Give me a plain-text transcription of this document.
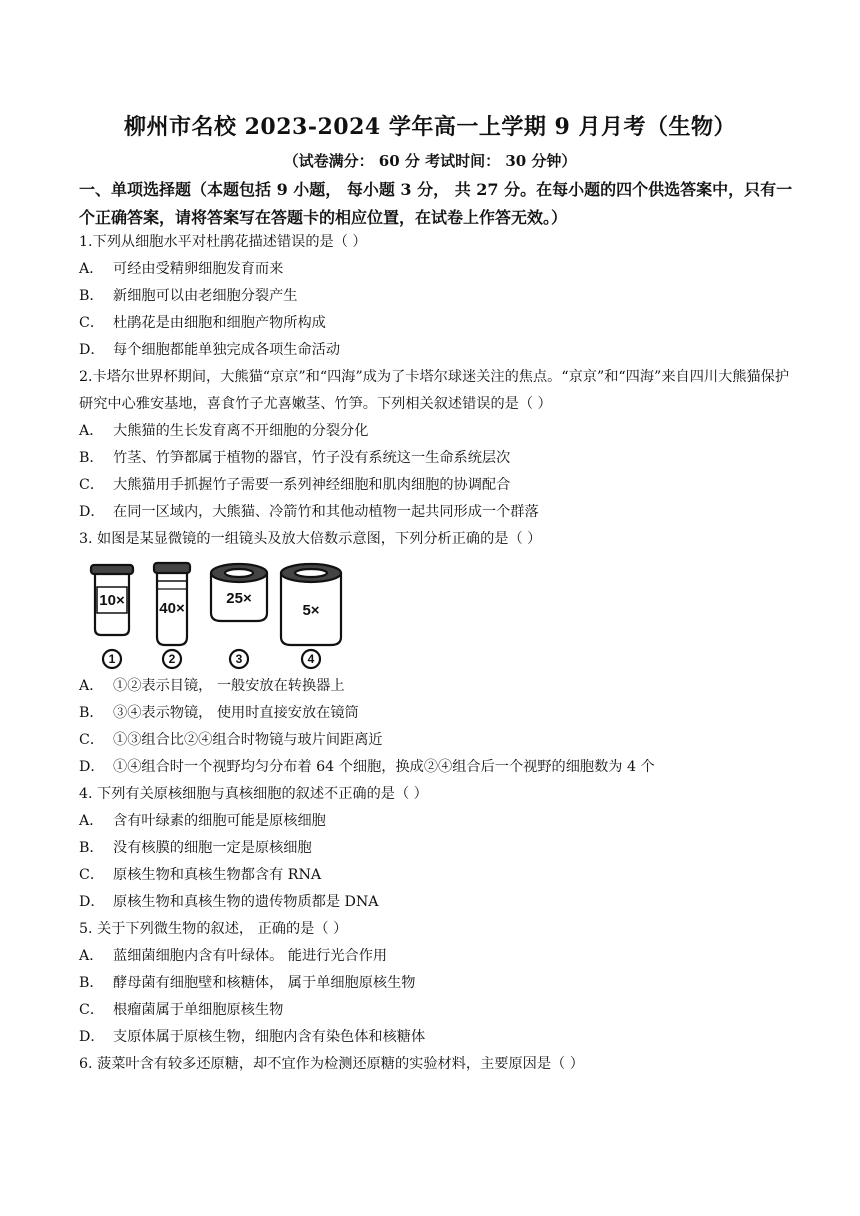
柳州市名校 2023-2024 学年高一上学期 9 月月考（生物）
（试卷满分： 60 分 考试时间： 30 分钟）
一、单项选择题（本题包括 9 小题， 每小题 3 分， 共 27 分。在每小题的四个供选答案中，只有一个正确答案，请将答案写在答题卡的相应位置，在试卷上作答无效。）
1.下列从细胞水平对杜鹃花描述错误的是（ ）
A． 可经由受精卵细胞发育而来
B． 新细胞可以由老细胞分裂产生
C． 杜鹃花是由细胞和细胞产物所构成
D． 每个细胞都能单独完成各项生命活动
2.卡塔尔世界杯期间，大熊猫“京京”和“四海”成为了卡塔尔球迷关注的焦点。“京京”和“四海”来自四川大熊猫保护研究中心雅安基地，喜食竹子尤喜嫩茎、竹笋。下列相关叙述错误的是（ ）
A． 大熊猫的生长发育离不开细胞的分裂分化
B． 竹茎、竹笋都属于植物的器官，竹子没有系统这一生命系统层次
C． 大熊猫用手抓握竹子需要一系列神经细胞和肌肉细胞的协调配合
D． 在同一区域内，大熊猫、冷箭竹和其他动植物一起共同形成一个群落
3. 如图是某显微镜的一组镜头及放大倍数示意图，下列分析正确的是（ ）
10× 40×
25×
5×
1	2	3	4
A． ①②表示目镜， 一般安放在转换器上
B． ③④表示物镜， 使用时直接安放在镜筒
C． ①③组合比②④组合时物镜与玻片间距离近
D． ①④组合时一个视野均匀分布着 64 个细胞，换成②④组合后一个视野的细胞数为 4 个
4. 下列有关原核细胞与真核细胞的叙述不正确的是（ ）
A． 含有叶绿素的细胞可能是原核细胞
B． 没有核膜的细胞一定是原核细胞
C． 原核生物和真核生物都含有 RNA
D． 原核生物和真核生物的遗传物质都是 DNA
5. 关于下列微生物的叙述， 正确的是（ ）
A． 蓝细菌细胞内含有叶绿体。 能进行光合作用
B． 酵母菌有细胞壁和核糖体， 属于单细胞原核生物
C． 根瘤菌属于单细胞原核生物
D． 支原体属于原核生物，细胞内含有染色体和核糖体
6. 菠菜叶含有较多还原糖，却不宜作为检测还原糖的实验材料，主要原因是（ ）
